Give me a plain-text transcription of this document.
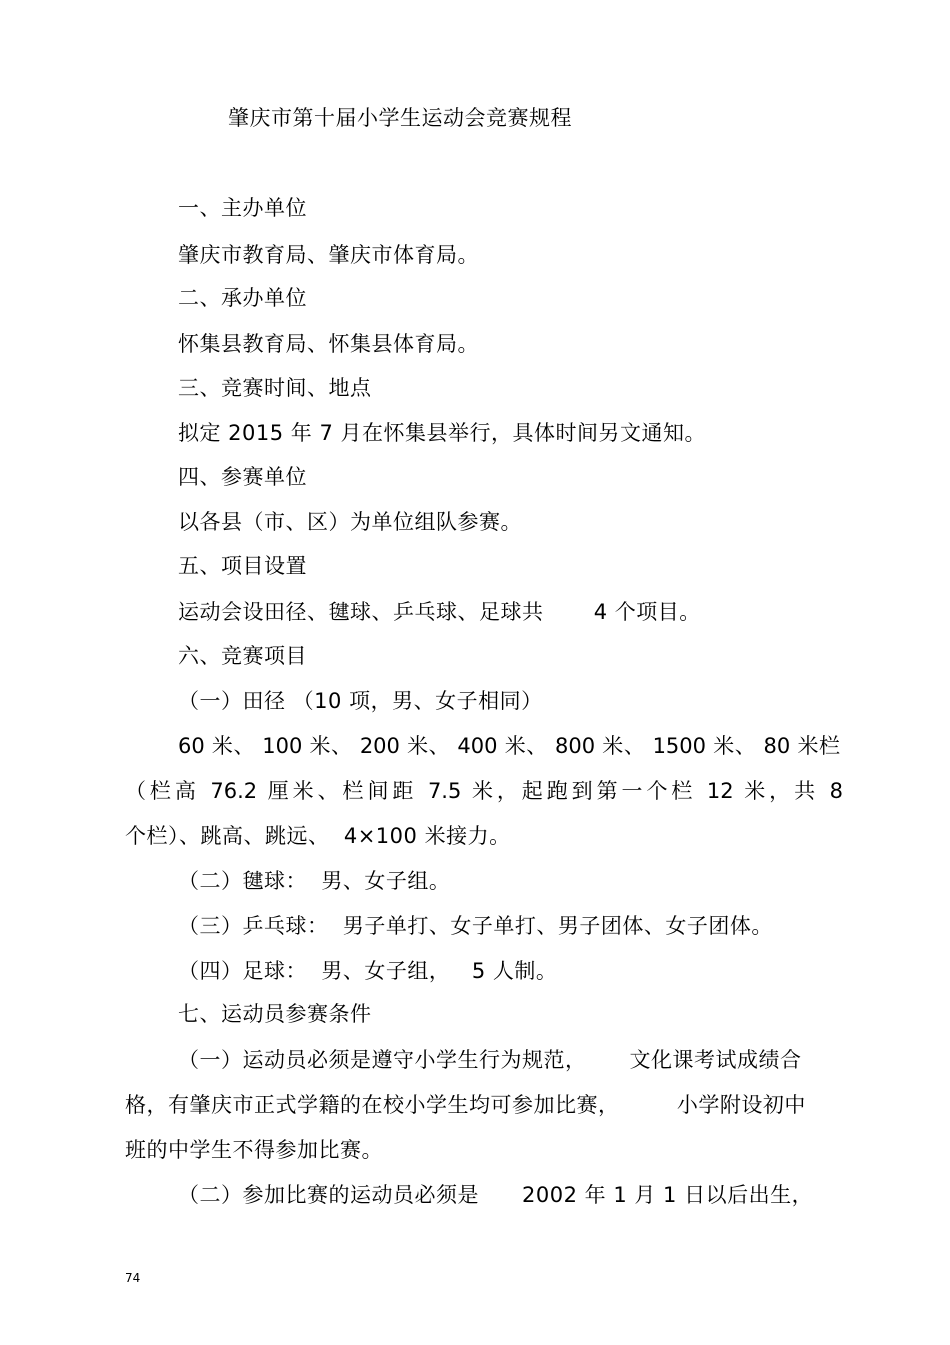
肇庆市第十届小学生运动会竞赛规程
一、主办单位
肇庆市教育局、肇庆市体育局。
二、承办单位
怀集县教育局、怀集县体育局。
三、竞赛时间、地点
拟定 2015 年 7 月在怀集县举行，具体时间另文通知。
四、参赛单位
以各县（市、区）为单位组队参赛。
五、项目设置
运动会设田径、毽球、乒乓球、足球共       4 个项目。
六、竞赛项目
（一）田径 （10 项，男、女子相同）
60 米、 100 米、 200 米、 400 米、 800 米、 1500 米、 80 米栏
（栏高 76.2 厘米、栏间距 7.5 米，起跑到第一个栏 12 米，共 8
个栏）、跳高、跳远、  4×100 米接力。
（二）毽球：  男、女子组。
（三）乒乓球：  男子单打、女子单打、男子团体、女子团体。
（四）足球：  男、女子组，   5 人制。
七、运动员参赛条件
（一）运动员必须是遵守小学生行为规范，      文化课考试成绩合
格，有肇庆市正式学籍的在校小学生均可参加比赛，        小学附设初中
班的中学生不得参加比赛。
（二）参加比赛的运动员必须是      2002 年 1 月 1 日以后出生，
74
